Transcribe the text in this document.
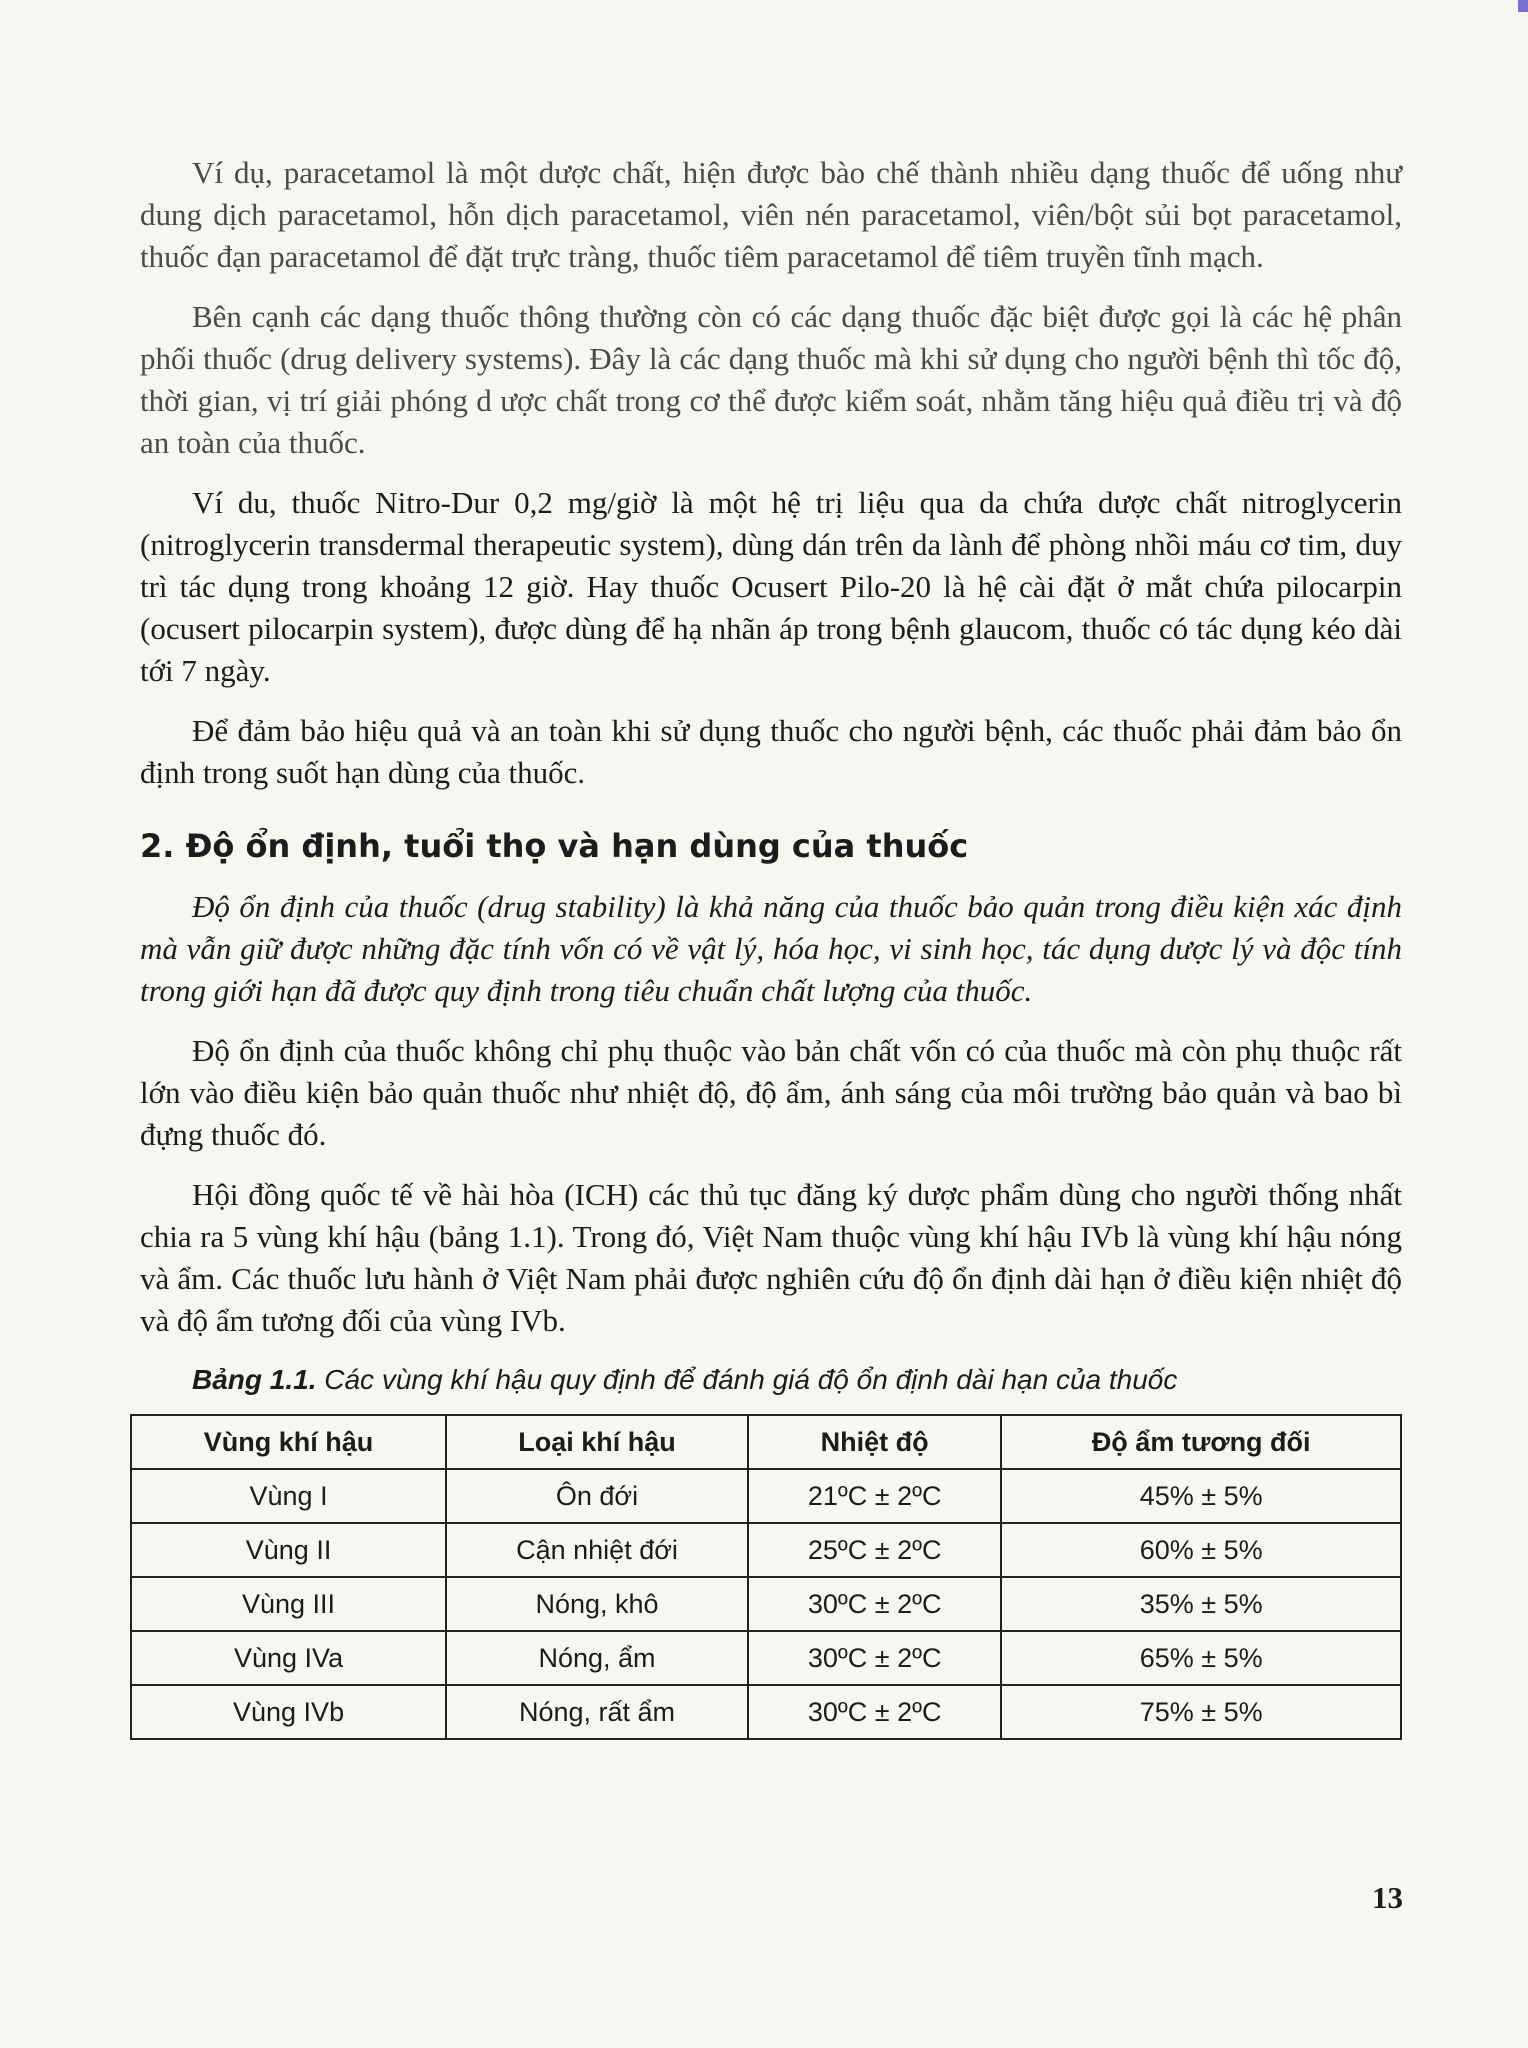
Ví dụ, paracetamol là một dược chất, hiện được bào chế thành nhiều dạng thuốc để uống như dung dịch paracetamol, hỗn dịch paracetamol, viên nén paracetamol, viên/bột sủi bọt paracetamol, thuốc đạn paracetamol để đặt trực tràng, thuốc tiêm paracetamol để tiêm truyền tĩnh mạch.

Bên cạnh các dạng thuốc thông thường còn có các dạng thuốc đặc biệt được gọi là các hệ phân phối thuốc (drug delivery systems). Đây là các dạng thuốc mà khi sử dụng cho người bệnh thì tốc độ, thời gian, vị trí giải phóng d ược chất trong cơ thể được kiểm soát, nhằm tăng hiệu quả điều trị và độ an toàn của thuốc.

Ví du, thuốc Nitro-Dur 0,2 mg/giờ là một hệ trị liệu qua da chứa dược chất nitroglycerin (nitroglycerin transdermal therapeutic system), dùng dán trên da lành để phòng nhồi máu cơ tim, duy trì tác dụng trong khoảng 12 giờ. Hay thuốc Ocusert Pilo-20 là hệ cài đặt ở mắt chứa pilocarpin (ocusert pilocarpin system), được dùng để hạ nhãn áp trong bệnh glaucom, thuốc có tác dụng kéo dài tới 7 ngày.

Để đảm bảo hiệu quả và an toàn khi sử dụng thuốc cho người bệnh, các thuốc phải đảm bảo ổn định trong suốt hạn dùng của thuốc.

2. Độ ổn định, tuổi thọ và hạn dùng của thuốc

Độ ổn định của thuốc (drug stability) là khả năng của thuốc bảo quản trong điều kiện xác định mà vẫn giữ được những đặc tính vốn có về vật lý, hóa học, vi sinh học, tác dụng dược lý và độc tính trong giới hạn đã được quy định trong tiêu chuẩn chất lượng của thuốc.

Độ ổn định của thuốc không chỉ phụ thuộc vào bản chất vốn có của thuốc mà còn phụ thuộc rất lớn vào điều kiện bảo quản thuốc như nhiệt độ, độ ẩm, ánh sáng của môi trường bảo quản và bao bì đựng thuốc đó.

Hội đồng quốc tế về hài hòa (ICH) các thủ tục đăng ký dược phẩm dùng cho người thống nhất chia ra 5 vùng khí hậu (bảng 1.1). Trong đó, Việt Nam thuộc vùng khí hậu IVb là vùng khí hậu nóng và ẩm. Các thuốc lưu hành ở Việt Nam phải được nghiên cứu độ ổn định dài hạn ở điều kiện nhiệt độ và độ ẩm tương đối của vùng IVb.

Bảng 1.1. Các vùng khí hậu quy định để đánh giá độ ổn định dài hạn của thuốc
Vùng khí hậu	Loại khí hậu	Nhiệt độ	Độ ẩm tương đối
Vùng I	Ôn đới	21ºC ± 2ºC	45% ± 5%
Vùng II	Cận nhiệt đới	25ºC ± 2ºC	60% ± 5%
Vùng III	Nóng, khô	30ºC ± 2ºC	35% ± 5%
Vùng IVa	Nóng, ẩm	30ºC ± 2ºC	65% ± 5%
Vùng IVb	Nóng, rất ẩm	30ºC ± 2ºC	75% ± 5%
13
